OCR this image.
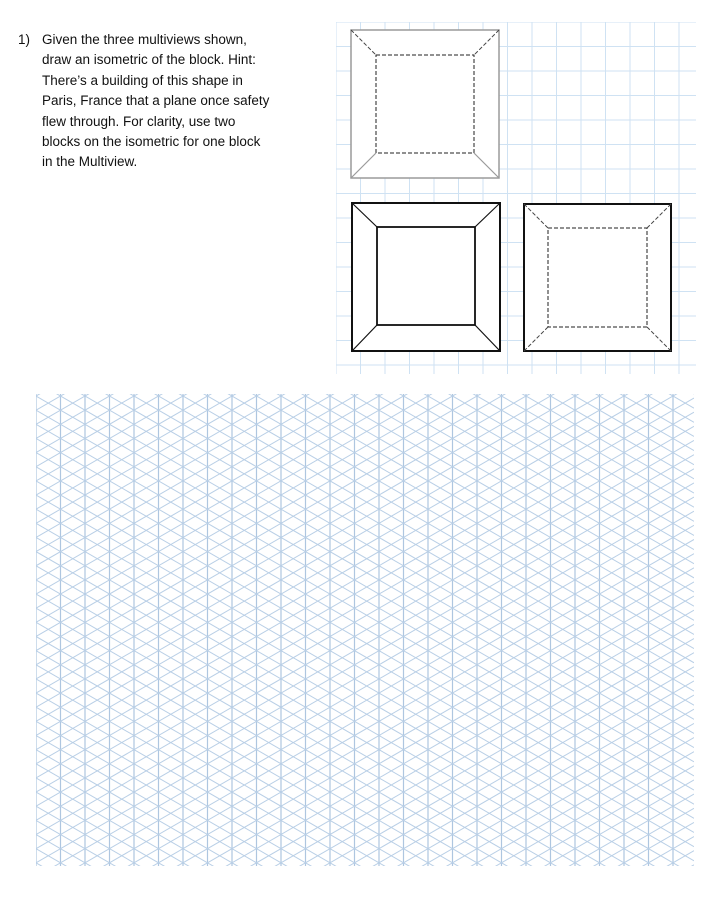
1) Given the three multiviews shown,
draw an isometric of the block. Hint:
There’s a building of this shape in
Paris, France that a plane once safety
flew through. For clarity, use two
blocks on the isometric for one block
in the Multiview.
